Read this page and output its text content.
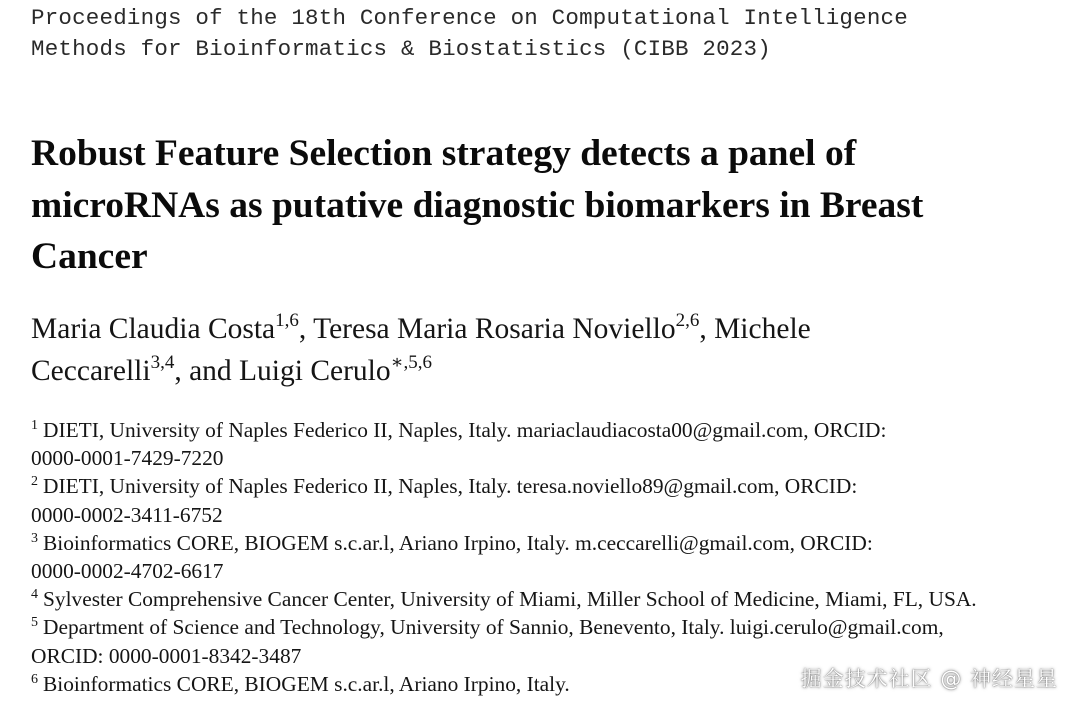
Proceedings of the 18th Conference on Computational Intelligence
Methods for Bioinformatics & Biostatistics (CIBB 2023)
Robust Feature Selection strategy detects a panel of
microRNAs as putative diagnostic biomarkers in Breast
Cancer
Maria Claudia Costa$^{1,6}$, Teresa Maria Rosaria Noviello$^{2,6}$, Michele
Ceccarelli$^{3,4}$, and Luigi Cerulo$^{∗,5,6}$
$^1$ DIETI, University of Naples Federico II, Naples, Italy. mariaclaudiacosta00@gmail.com, ORCID:
0000-0001-7429-7220
$^2$ DIETI, University of Naples Federico II, Naples, Italy. teresa.noviello89@gmail.com, ORCID:
0000-0002-3411-6752
$^3$ Bioinformatics CORE, BIOGEM s.c.ar.l, Ariano Irpino, Italy. m.ceccarelli@gmail.com, ORCID:
0000-0002-4702-6617
$^4$ Sylvester Comprehensive Cancer Center, University of Miami, Miller School of Medicine, Miami, FL, USA.
$^5$ Department of Science and Technology, University of Sannio, Benevento, Italy. luigi.cerulo@gmail.com,
ORCID: 0000-0001-8342-3487
$^6$ Bioinformatics CORE, BIOGEM s.c.ar.l, Ariano Irpino, Italy.	掘金技术社区 @ 神经星星
